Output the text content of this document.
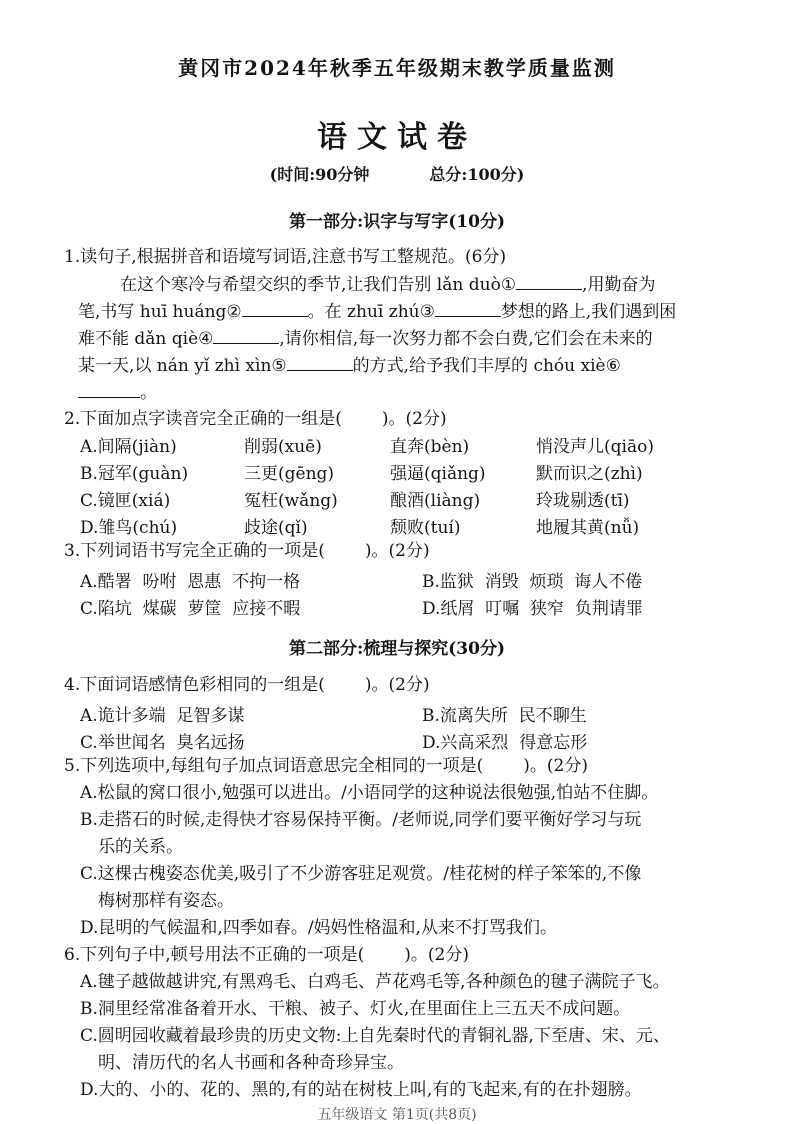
黄冈市2024年秋季五年级期末教学质量监测
语文试卷
(时间:90分钟	总分:100分)
第一部分:识字与写字(10分)
1.读句子,根据拼音和语境写词语,注意书写工整规范。(6分)
在这个寒冷与希望交织的季节,让我们告别 lǎn duò①	,用勤奋为
笔,书写 huī huáng②	。在 zhuī zhú③	梦想的路上,我们遇到困
难不能 dǎn qiè④	,请你相信,每一次努力都不会白费,它们会在未来的
某一天,以 nán yǐ zhì xìn⑤	的方式,给予我们丰厚的 chóu xiè⑥
。
2.下面加点字读音完全正确的一组是( )。(2分)
A.间隔(jiàn)	削弱(xuē)	直奔(bèn)	悄没声儿(qiāo)
B.冠军(guàn)	三更(gēng)	强逼(qiǎng)	默而识之(zhì)
C.镜匣(xiá)	冤枉(wǎng)	酿酒(liàng)	玲珑剔透(tī)
D.雏鸟(chú)	歧途(qǐ)	颓败(tuí)	地履其黄(nǚ)
3.下列词语书写完全正确的一项是( )。(2分)
A.酷署  吩咐  恩惠  不拘一格	B.监狱  消毁  烦琐  诲人不倦
C.陷坑  煤碳  萝筐  应接不暇	D.纸屑  叮嘱  狭窄  负荆请罪
第二部分:梳理与探究(30分)
4.下面词语感情色彩相同的一组是( )。(2分)
A.诡计多端  足智多谋	B.流离失所  民不聊生
C.举世闻名  臭名远扬	D.兴高采烈  得意忘形
5.下列选项中,每组句子加点词语意思完全相同的一项是( )。(2分)
A.松鼠的窝口很小,勉强可以进出。/小语同学的这种说法很勉强,怕站不住脚。
B.走搭石的时候,走得快才容易保持平衡。/老师说,同学们要平衡好学习与玩
乐的关系。
C.这棵古槐姿态优美,吸引了不少游客驻足观赏。/桂花树的样子笨笨的,不像
梅树那样有姿态。
D.昆明的气候温和,四季如春。/妈妈性格温和,从来不打骂我们。
6.下列句子中,顿号用法不正确的一项是( )。(2分)
A.毽子越做越讲究,有黑鸡毛、白鸡毛、芦花鸡毛等,各种颜色的毽子满院子飞。
B.洞里经常准备着开水、干粮、被子、灯火,在里面住上三五天不成问题。
C.圆明园收藏着最珍贵的历史文物:上自先秦时代的青铜礼器,下至唐、宋、元、
明、清历代的名人书画和各种奇珍异宝。
D.大的、小的、花的、黑的,有的站在树枝上叫,有的飞起来,有的在扑翅膀。
五年级语文 第1页(共8页)
